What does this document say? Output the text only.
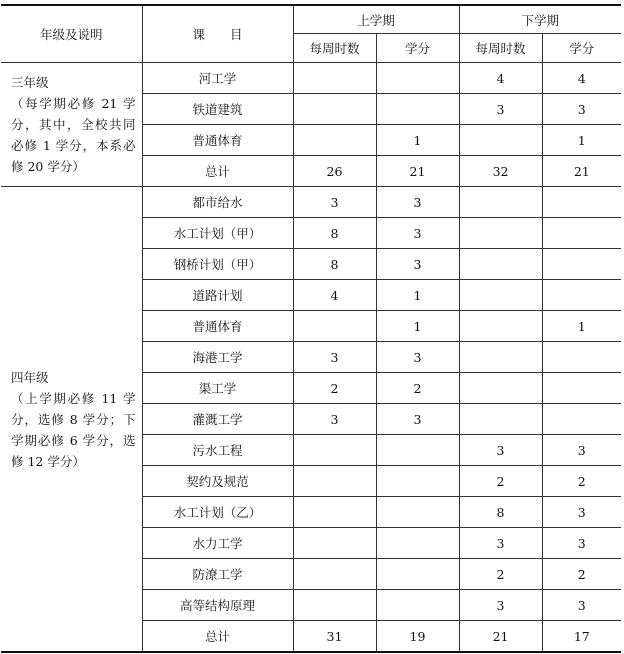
年级及说明	课　　目	上学期		下学期	
		每周时数	学分	每周时数	学分

三年级
（每学期必修 21 学分，其中，全校共同必修 1 学分，本系必修 20 学分）	河工学			4	4
	铁道建筑			3	3
	普通体育		1		1
	总计	26	21	32	21

四年级
（上学期必修 11 学分，选修 8 学分；下学期必修 6 学分，选修 12 学分）	都市给水	3	3		
	水工计划（甲）	8	3		
	钢桥计划（甲）	8	3		
	道路计划	4	1		
	普通体育		1		1
	海港工学	3	3		
	渠工学	2	2		
	灌溉工学	3	3		
	污水工程			3	3
	契约及规范			2	2
	水工计划（乙）			8	3
	水力工学			3	3
	防潦工学			2	2
	高等结构原理			3	3
	总计	31	19	21	17
